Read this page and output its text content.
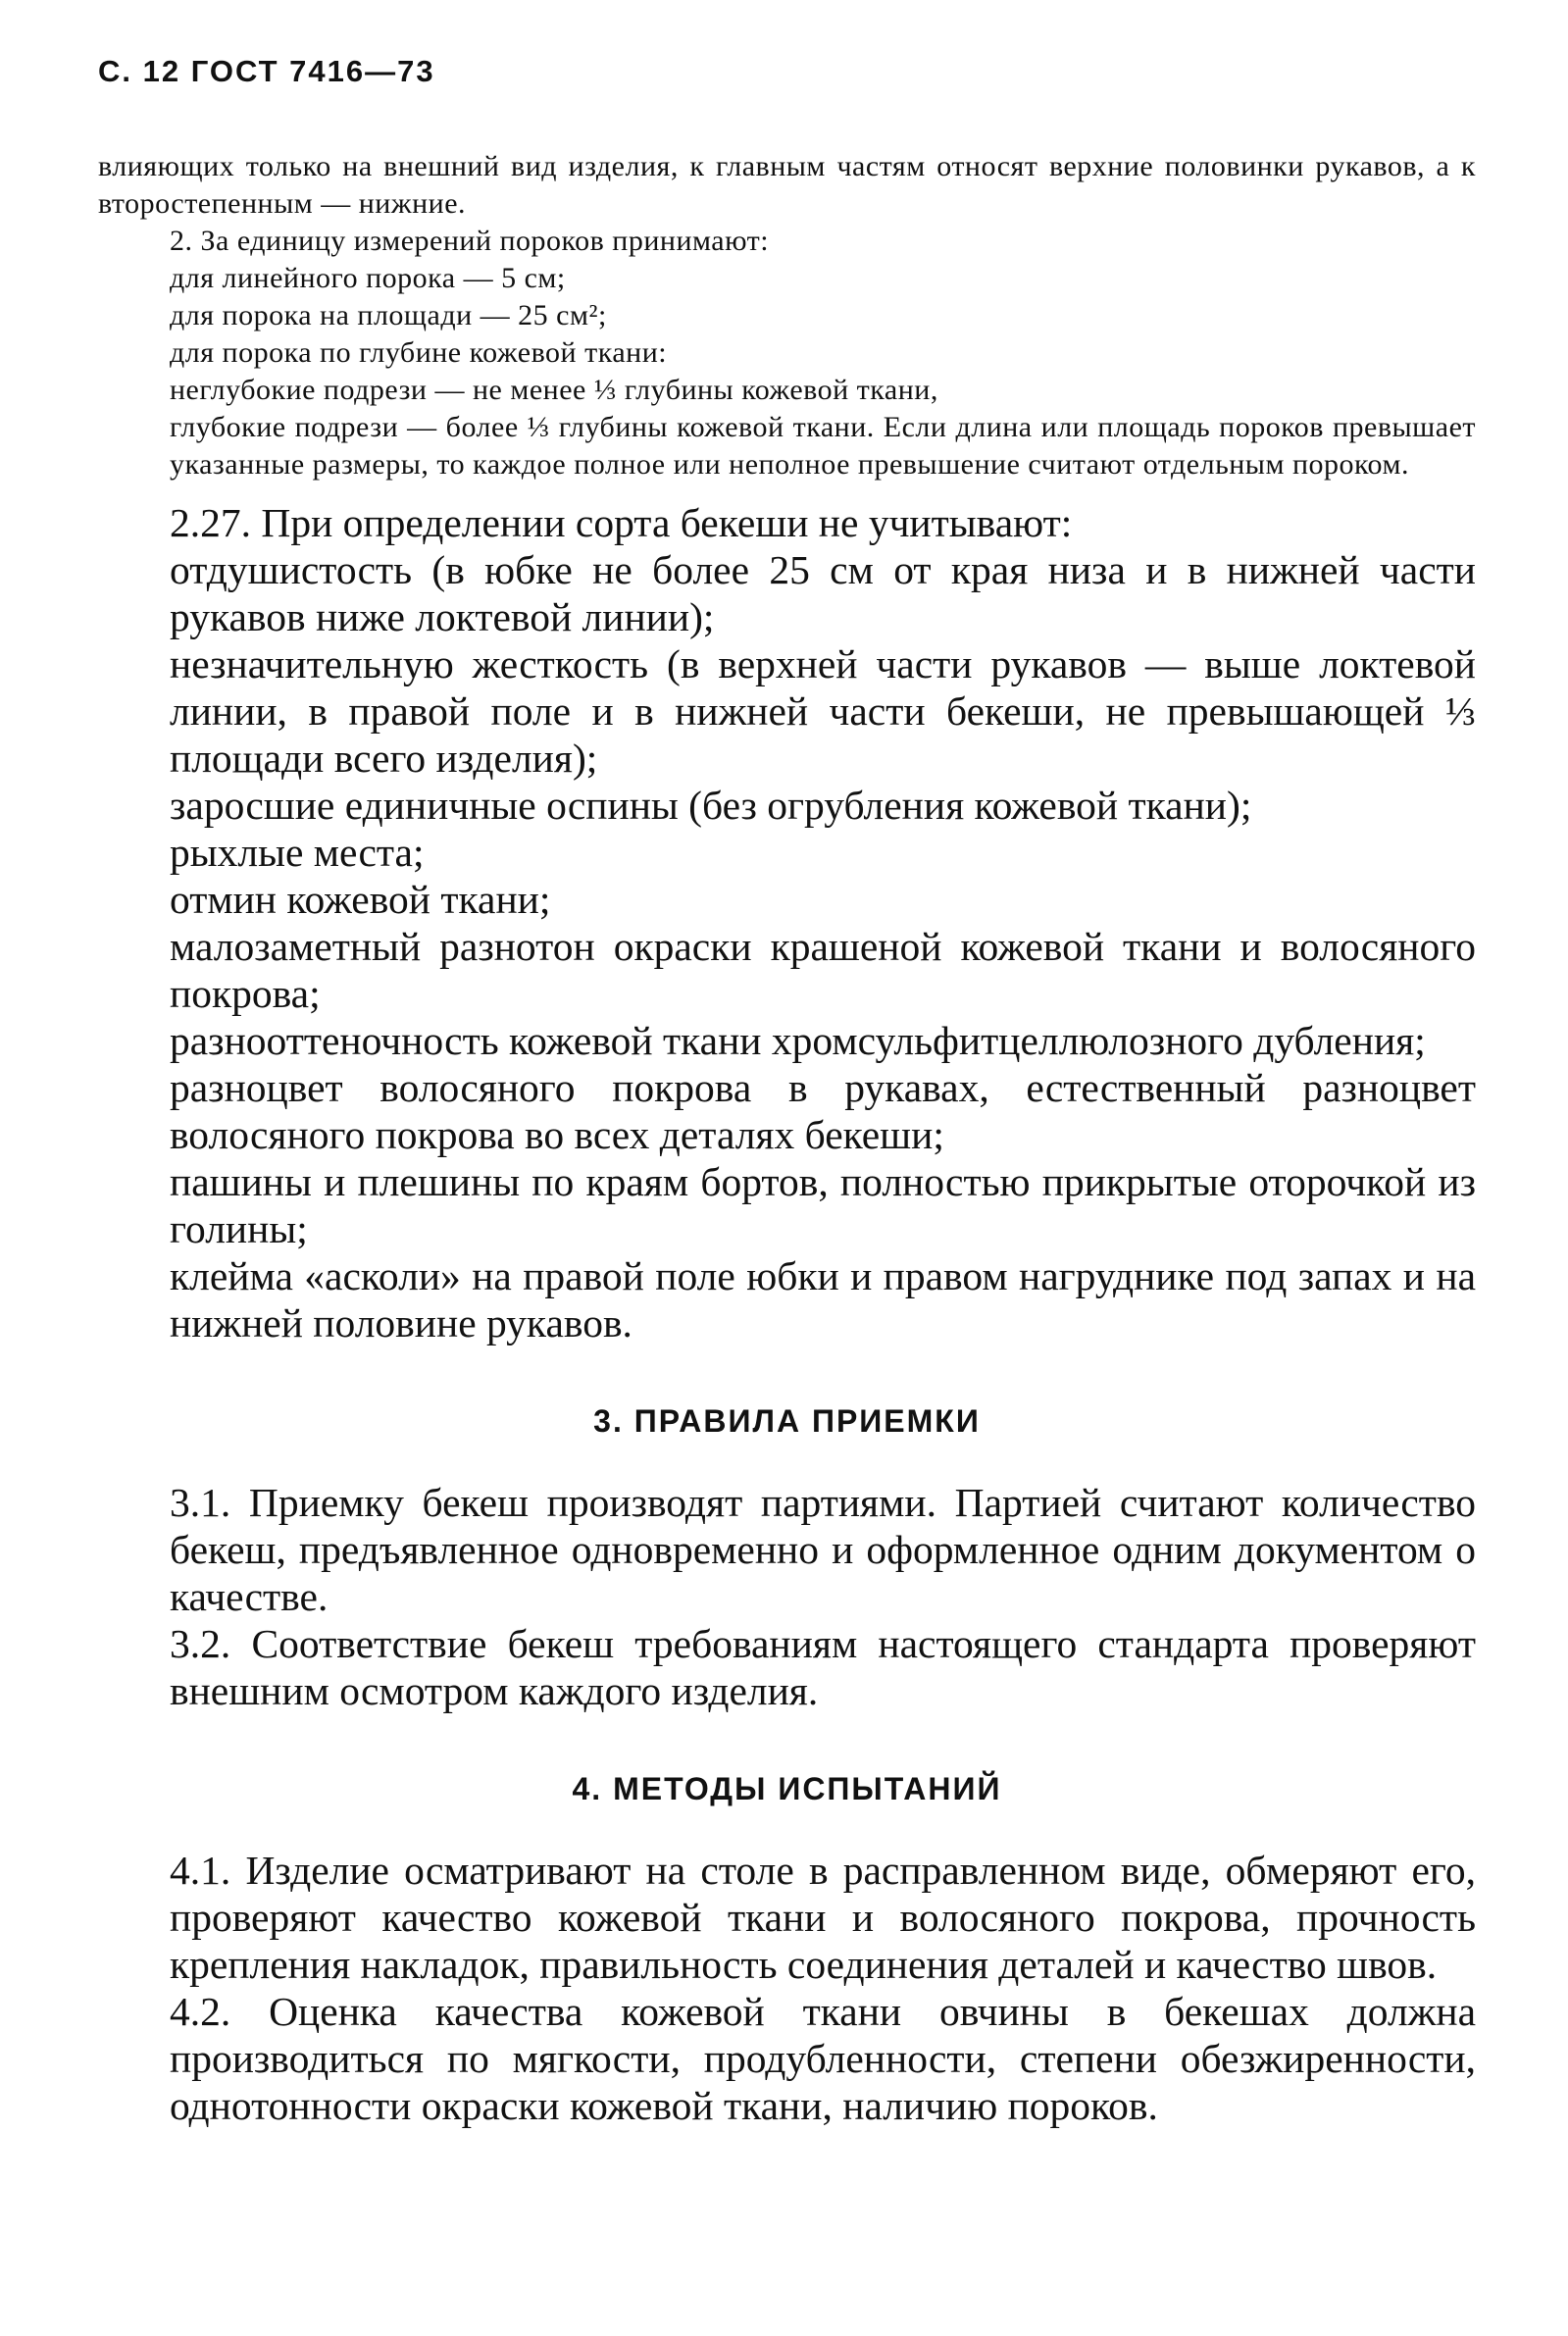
С. 12 ГОСТ 7416—73

влияющих только на внешний вид изделия, к главным частям относят верхние половинки рукавов, а к второстепенным — нижние.

2. За единицу измерений пороков принимают:

для линейного порока — 5 см;

для порока на площади — 25 см²;

для порока по глубине кожевой ткани:

неглубокие подрези — не менее ⅓ глубины кожевой ткани,

глубокие подрези — более ⅓ глубины кожевой ткани. Если длина или площадь пороков превышает указанные размеры, то каждое полное или неполное превышение считают отдельным пороком.

2.27. При определении сорта бекеши не учитывают:

отдушистость (в юбке не более 25 см от края низа и в нижней части рукавов ниже локтевой линии);

незначительную жесткость (в верхней части рукавов — выше локтевой линии, в правой поле и в нижней части бекеши, не превышающей ⅓ площади всего изделия);

заросшие единичные оспины (без огрубления кожевой ткани);

рыхлые места;

отмин кожевой ткани;

малозаметный разнотон окраски крашеной кожевой ткани и волосяного покрова;

разнооттеночность кожевой ткани хромсульфитцеллюлозного дубления;

разноцвет волосяного покрова в рукавах, естественный разноцвет волосяного покрова во всех деталях бекеши;

пашины и плешины по краям бортов, полностью прикрытые оторочкой из голины;

клейма «асколи» на правой поле юбки и правом нагруднике под запах и на нижней половине рукавов.

3. ПРАВИЛА ПРИЕМКИ

3.1. Приемку бекеш производят партиями. Партией считают количество бекеш, предъявленное одновременно и оформленное одним документом о качестве.

3.2. Соответствие бекеш требованиям настоящего стандарта проверяют внешним осмотром каждого изделия.

4. МЕТОДЫ ИСПЫТАНИЙ

4.1. Изделие осматривают на столе в расправленном виде, обмеряют его, проверяют качество кожевой ткани и волосяного покрова, прочность крепления накладок, правильность соединения деталей и качество швов.

4.2. Оценка качества кожевой ткани овчины в бекешах должна производиться по мягкости, продубленности, степени обезжиренности, однотонности окраски кожевой ткани, наличию пороков.
